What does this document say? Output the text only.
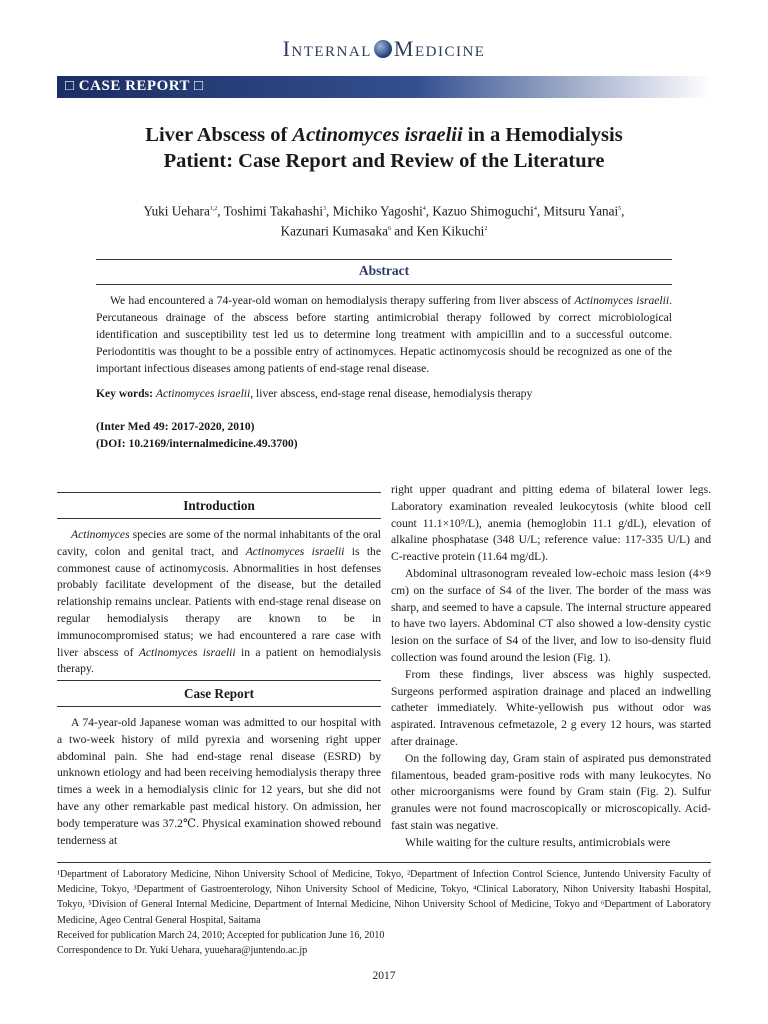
Internal Medicine
□ CASE REPORT □
Liver Abscess of Actinomyces israelii in a Hemodialysis
Patient: Case Report and Review of the Literature
Yuki Uehara$^{1,2}$, Toshimi Takahashi$^3$, Michiko Yagoshi$^4$, Kazuo Shimoguchi$^4$, Mitsuru Yanai$^5$,
Kazunari Kumasaka$^6$ and Ken Kikuchi$^2$
Abstract
We had encountered a 74-year-old woman on hemodialysis therapy suffering from liver abscess of Actinomyces israelii. Percutaneous drainage of the abscess before starting antimicrobial therapy followed by correct microbiological identification and susceptibility test led us to determine long treatment with ampicillin and to a successful outcome. Periodontitis was thought to be a possible entry of actinomyces. Hepatic actinomycosis should be recognized as one of the important infectious diseases among patients of end-stage renal disease.
Key words: Actinomyces israelii, liver abscess, end-stage renal disease, hemodialysis therapy
(Inter Med 49: 2017-2020, 2010)
(DOI: 10.2169/internalmedicine.49.3700)
Introduction

Actinomyces species are some of the normal inhabitants of the oral cavity, colon and genital tract, and Actinomyces israelii is the commonest cause of actinomycosis. Abnormalities in host defenses probably facilitate development of the disease, but the detailed relationship remains unclear. Patients with end-stage renal disease on regular hemodialysis therapy are known to be in immunocompromised status; we had encountered a rare case with liver abscess of Actinomyces israelii in a patient on hemodialysis therapy.

Case Report

A 74-year-old Japanese woman was admitted to our hospital with a two-week history of mild pyrexia and worsening right upper abdominal pain. She had end-stage renal disease (ESRD) by unknown etiology and had been receiving hemodialysis therapy three times a week in a hemodialysis clinic for 12 years, but she did not have any other remarkable past medical history. On admission, her body temperature was 37.2℃. Physical examination showed rebound tenderness at

right upper quadrant and pitting edema of bilateral lower legs. Laboratory examination revealed leukocytosis (white blood cell count 11.1×10⁹/L), anemia (hemoglobin 11.1 g/dL), elevation of alkaline phosphatase (348 U/L; reference value: 117-335 U/L) and C-reactive protein (11.64 mg/dL).

Abdominal ultrasonogram revealed low-echoic mass lesion (4×9 cm) on the surface of S4 of the liver. The border of the mass was sharp, and seemed to have a capsule. The internal structure appeared to have two layers. Abdominal CT also showed a low-density cystic lesion on the surface of S4 of the liver, and low to iso-density fluid collection was found around the lesion (Fig. 1).

From these findings, liver abscess was highly suspected. Surgeons performed aspiration drainage and placed an indwelling catheter immediately. White-yellowish pus without odor was aspirated. Intravenous cefmetazole, 2 g every 12 hours, was started after drainage.

On the following day, Gram stain of aspirated pus demonstrated filamentous, beaded gram-positive rods with many leukocytes. No other microorganisms were found by Gram stain (Fig. 2). Sulfur granules were not found macroscopically or microscopically. Acid-fast stain was negative.

While waiting for the culture results, antimicrobials were

¹Department of Laboratory Medicine, Nihon University School of Medicine, Tokyo, ²Department of Infection Control Science, Juntendo University Faculty of Medicine, Tokyo, ³Department of Gastroenterology, Nihon University School of Medicine, Tokyo, ⁴Clinical Laboratory, Nihon University Itabashi Hospital, Tokyo, ⁵Division of General Internal Medicine, Department of Internal Medicine, Nihon University School of Medicine, Tokyo and ⁶Department of Laboratory Medicine, Ageo Central General Hospital, Saitama
Received for publication March 24, 2010; Accepted for publication June 16, 2010
Correspondence to Dr. Yuki Uehara, yuuehara@juntendo.ac.jp
2017
